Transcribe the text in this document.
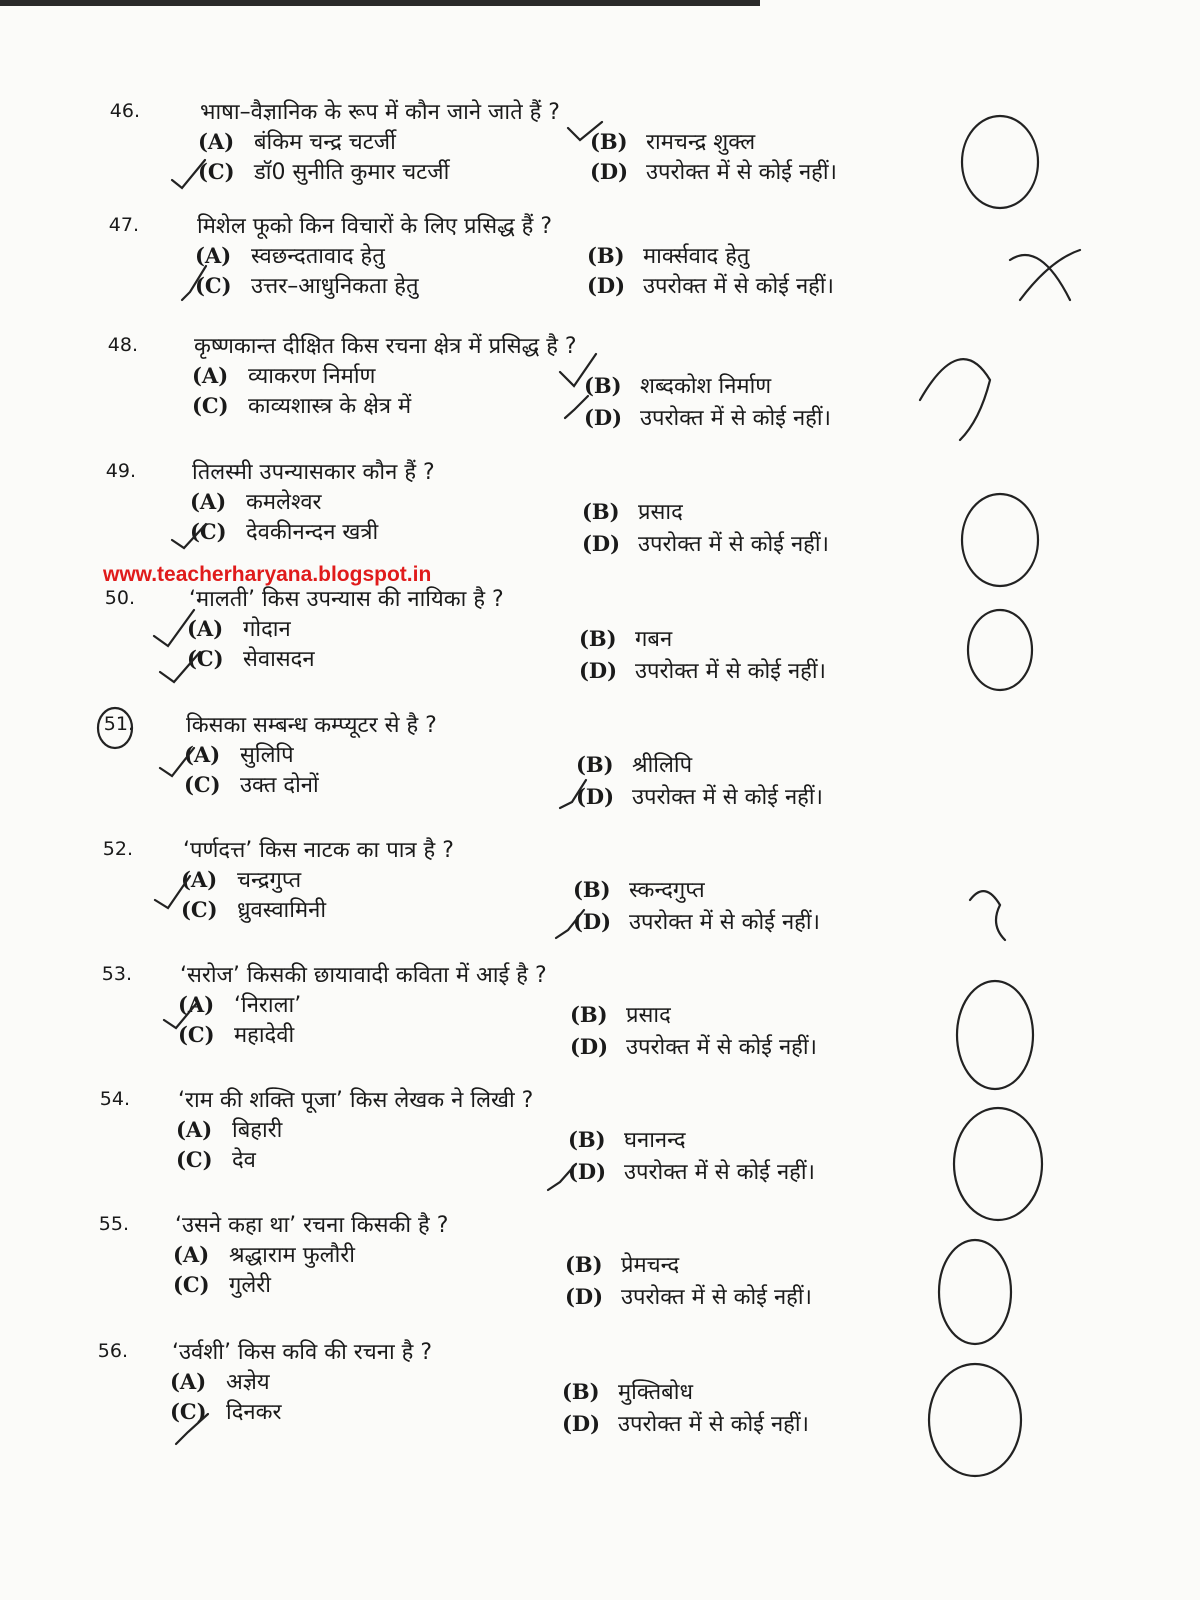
46.	भाषा–वैज्ञानिक के रूप में कौन जाने जाते हैं ?
(A) बंकिम चन्द्र चटर्जी	(B) रामचन्द्र शुक्ल
(C) डॉ0 सुनीति कुमार चटर्जी	(D) उपरोक्त में से कोई नहीं।
47.	मिशेल फूको किन विचारों के लिए प्रसिद्ध हैं ?
(A) स्वछन्दतावाद हेतु	(B) मार्क्सवाद हेतु
(C) उत्तर–आधुनिकता हेतु	(D) उपरोक्त में से कोई नहीं।
48.	कृष्णकान्त दीक्षित किस रचना क्षेत्र में प्रसिद्ध है ?
(A) व्याकरण निर्माण	(B) शब्दकोश निर्माण
(C) काव्यशास्त्र के क्षेत्र में	(D) उपरोक्त में से कोई नहीं।
49.	तिलस्मी उपन्यासकार कौन हैं ?
(A) कमलेश्वर	(B) प्रसाद
(C) देवकीनन्दन खत्री	(D) उपरोक्त में से कोई नहीं।
50. ‘मालती’ किस उपन्यास की नायिका है ?
(A) गोदान	(B) गबन
(C) सेवासदन	(D) उपरोक्त में से कोई नहीं।
51. किसका सम्बन्ध कम्प्यूटर से है ?
(A) सुलिपि	(B) श्रीलिपि
(C) उक्त दोनों	(D) उपरोक्त में से कोई नहीं।
52. ‘पर्णदत्त’ किस नाटक का पात्र है ?
(A) चन्द्रगुप्त	(B) स्कन्दगुप्त
(C) ध्रुवस्वामिनी	(D) उपरोक्त में से कोई नहीं।
53. ‘सरोज’ किसकी छायावादी कविता में आई है ?
(A) ‘निराला’	(B) प्रसाद
(C) महादेवी	(D) उपरोक्त में से कोई नहीं।
54. ‘राम की शक्ति पूजा’ किस लेखक ने लिखी ?
(A) बिहारी	(B) घनानन्द
(C) देव	(D) उपरोक्त में से कोई नहीं।
55. ‘उसने कहा था’ रचना किसकी है ?
(A) श्रद्धाराम फुलौरी	(B) प्रेमचन्द
(C) गुलेरी	(D) उपरोक्त में से कोई नहीं।
56. ‘उर्वशी’ किस कवि की रचना है ?
(A) अज्ञेय	(B) मुक्तिबोध
(C) दिनकर	(D) उपरोक्त में से कोई नहीं।
www.teacherharyana.blogspot.in
